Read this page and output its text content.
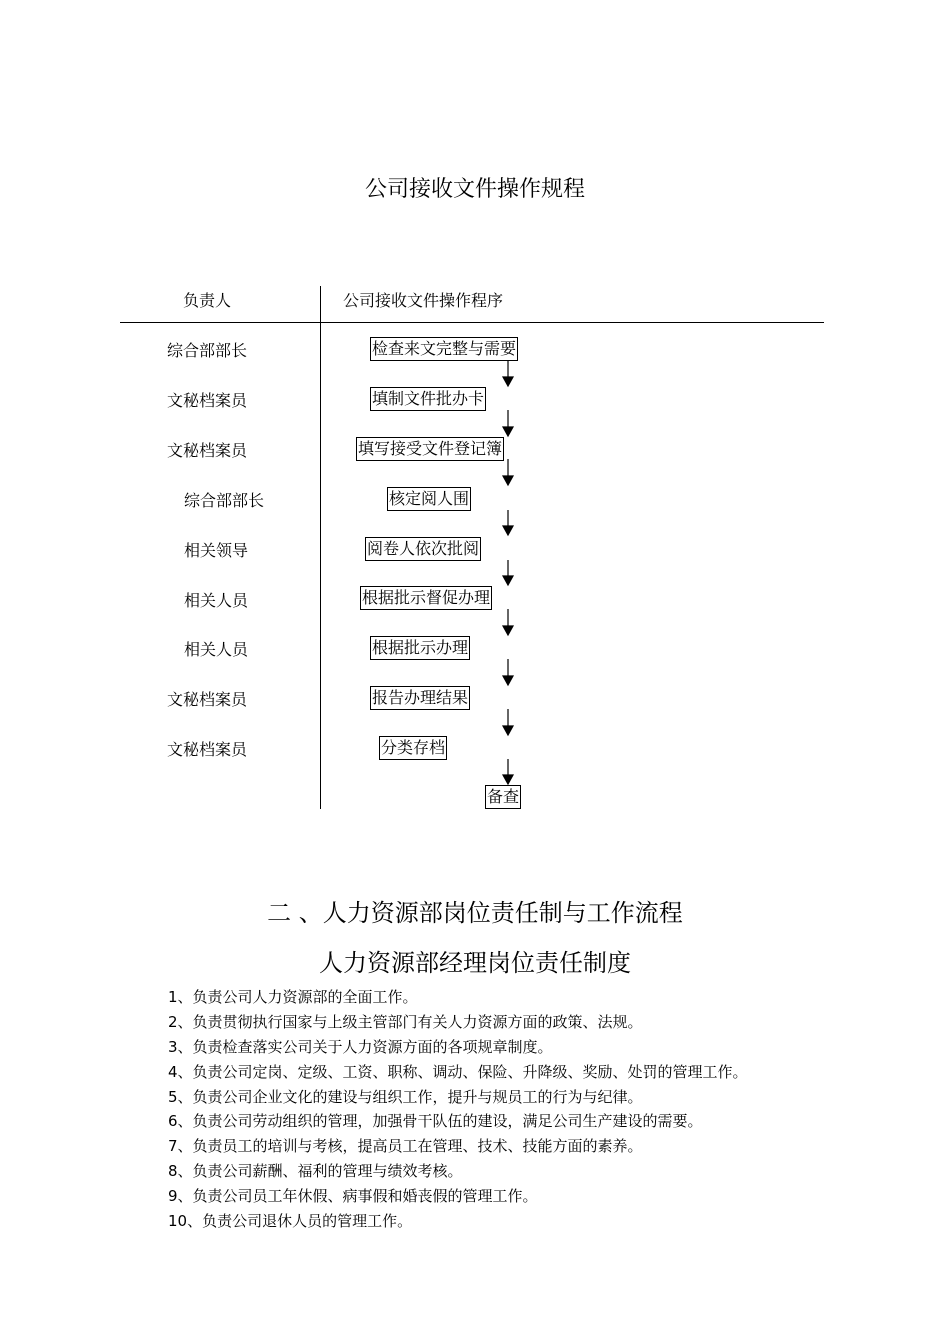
公司接收文件操作规程
负责人	公司接收文件操作程序
综合部部长
文秘档案员
文秘档案员
综合部部长
相关领导
相关人员
相关人员
文秘档案员
文秘档案员
检查来文完整与需要
填制文件批办卡
填写接受文件登记簿
核定阅人围
阅卷人依次批阅
根据批示督促办理
根据批示办理
报告办理结果
分类存档
备查
二 、人力资源部岗位责任制与工作流程
人力资源部经理岗位责任制度
1、负责公司人力资源部的全面工作。
2、负责贯彻执行国家与上级主管部门有关人力资源方面的政策、法规。
3、负责检查落实公司关于人力资源方面的各项规章制度。
4、负责公司定岗、定级、工资、职称、调动、保险、升降级、奖励、处罚的管理工作。
5、负责公司企业文化的建设与组织工作，提升与规员工的行为与纪律。
6、负责公司劳动组织的管理，加强骨干队伍的建设，满足公司生产建设的需要。
7、负责员工的培训与考核，提高员工在管理、技术、技能方面的素养。
8、负责公司薪酬、福利的管理与绩效考核。
9、负责公司员工年休假、病事假和婚丧假的管理工作。
10、负责公司退休人员的管理工作。
